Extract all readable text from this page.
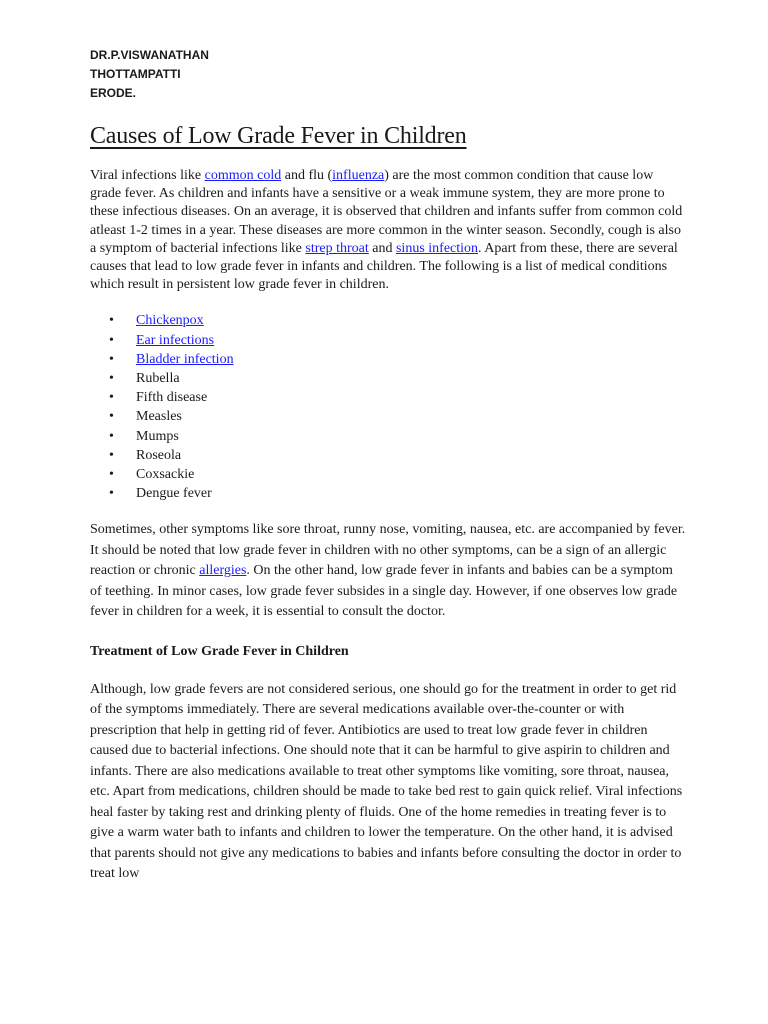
DR.P.VISWANATHAN

THOTTAMPATTI

ERODE.

Causes of Low Grade Fever in Children

Viral infections like common cold and flu (influenza) are the most common condition that cause low grade fever. As children and infants have a sensitive or a weak immune system, they are more prone to these infectious diseases. On an average, it is observed that children and infants suffer from common cold atleast 1-2 times in a year. These diseases are more common in the winter season. Secondly, cough is also a symptom of bacterial infections like strep throat and sinus infection. Apart from these, there are several causes that lead to low grade fever in infants and children. The following is a list of medical conditions which result in persistent low grade fever in children.

• Chickenpox
• Ear infections
• Bladder infection
• Rubella
• Fifth disease
• Measles
• Mumps
• Roseola
• Coxsackie
• Dengue fever

Sometimes, other symptoms like sore throat, runny nose, vomiting, nausea, etc. are accompanied by fever. It should be noted that low grade fever in children with no other symptoms, can be a sign of an allergic reaction or chronic allergies. On the other hand, low grade fever in infants and babies can be a symptom of teething. In minor cases, low grade fever subsides in a single day. However, if one observes low grade fever in children for a week, it is essential to consult the doctor.

Treatment of Low Grade Fever in Children

Although, low grade fevers are not considered serious, one should go for the treatment in order to get rid of the symptoms immediately. There are several medications available over-the-counter or with prescription that help in getting rid of fever. Antibiotics are used to treat low grade fever in children caused due to bacterial infections. One should note that it can be harmful to give aspirin to children and infants. There are also medications available to treat other symptoms like vomiting, sore throat, nausea, etc. Apart from medications, children should be made to take bed rest to gain quick relief. Viral infections heal faster by taking rest and drinking plenty of fluids. One of the home remedies in treating fever is to give a warm water bath to infants and children to lower the temperature. On the other hand, it is advised that parents should not give any medications to babies and infants before consulting the doctor in order to treat low
